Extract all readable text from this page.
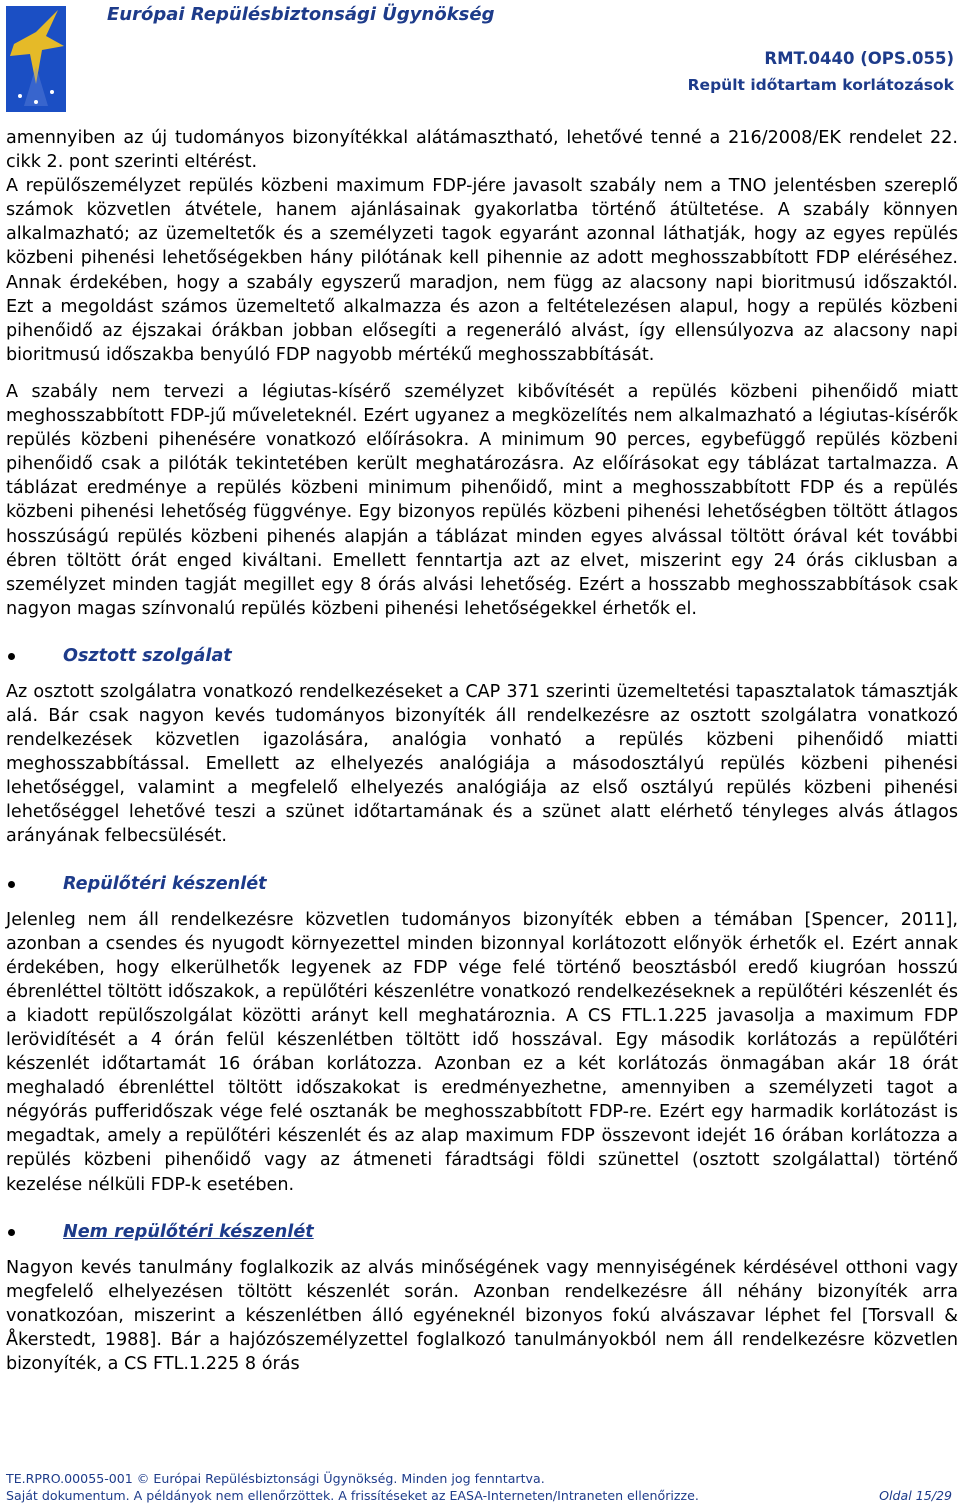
Európai Repülésbiztonsági Ügynökség
RMT.0440 (OPS.055)
Repült időtartam korlátozások

amennyiben az új tudományos bizonyítékkal alátámasztható, lehetővé tenné a 216/2008/EK rendelet 22. cikk 2. pont szerinti eltérést.

A repülőszemélyzet repülés közbeni maximum FDP-jére javasolt szabály nem a TNO jelentésben szereplő számok közvetlen átvétele, hanem ajánlásainak gyakorlatba történő átültetése. A szabály könnyen alkalmazható; az üzemeltetők és a személyzeti tagok egyaránt azonnal láthatják, hogy az egyes repülés közbeni pihenési lehetőségekben hány pilótának kell pihennie az adott meghosszabbított FDP eléréséhez. Annak érdekében, hogy a szabály egyszerű maradjon, nem függ az alacsony napi bioritmusú időszaktól. Ezt a megoldást számos üzemeltető alkalmazza és azon a feltételezésen alapul, hogy a repülés közbeni pihenőidő az éjszakai órákban jobban elősegíti a regeneráló alvást, így ellensúlyozva az alacsony napi bioritmusú időszakba benyúló FDP nagyobb mértékű meghosszabbítását.

A szabály nem tervezi a légiutas-kísérő személyzet kibővítését a repülés közbeni pihenőidő miatt meghosszabbított FDP-jű műveleteknél. Ezért ugyanez a megközelítés nem alkalmazható a légiutas-kísérők repülés közbeni pihenésére vonatkozó előírásokra. A minimum 90 perces, egybefüggő repülés közbeni pihenőidő csak a pilóták tekintetében került meghatározásra. Az előírásokat egy táblázat tartalmazza. A táblázat eredménye a repülés közbeni minimum pihenőidő, mint a meghosszabbított FDP és a repülés közbeni pihenési lehetőség függvénye. Egy bizonyos repülés közbeni pihenési lehetőségben töltött átlagos hosszúságú repülés közbeni pihenés alapján a táblázat minden egyes alvással töltött órával két további ébren töltött órát enged kiváltani. Emellett fenntartja azt az elvet, miszerint egy 24 órás ciklusban a személyzet minden tagját megillet egy 8 órás alvási lehetőség. Ezért a hosszabb meghosszabbítások csak nagyon magas színvonalú repülés közbeni pihenési lehetőségekkel érhetők el.

Osztott szolgálat

Az osztott szolgálatra vonatkozó rendelkezéseket a CAP 371 szerinti üzemeltetési tapasztalatok támasztják alá. Bár csak nagyon kevés tudományos bizonyíték áll rendelkezésre az osztott szolgálatra vonatkozó rendelkezések közvetlen igazolására, analógia vonható a repülés közbeni pihenőidő miatti meghosszabbítással. Emellett az elhelyezés analógiája a másodosztályú repülés közbeni pihenési lehetőséggel, valamint a megfelelő elhelyezés analógiája az első osztályú repülés közbeni pihenési lehetőséggel lehetővé teszi a szünet időtartamának és a szünet alatt elérhető tényleges alvás átlagos arányának felbecsülését.

Repülőtéri készenlét

Jelenleg nem áll rendelkezésre közvetlen tudományos bizonyíték ebben a témában [Spencer, 2011], azonban a csendes és nyugodt környezettel minden bizonnyal korlátozott előnyök érhetők el. Ezért annak érdekében, hogy elkerülhetők legyenek az FDP vége felé történő beosztásból eredő kiugróan hosszú ébrenléttel töltött időszakok, a repülőtéri készenlétre vonatkozó rendelkezéseknek a repülőtéri készenlét és a kiadott repülőszolgálat közötti arányt kell meghatározniа. A CS FTL.1.225 javasolja a maximum FDP lerövidítését a 4 órán felül készenlétben töltött idő hosszával. Egy második korlátozás a repülőtéri készenlét időtartamát 16 órában korlátozza. Azonban ez a két korlátozás önmagában akár 18 órát meghaladó ébrenléttel töltött időszakokat is eredményezhetne, amennyiben a személyzeti tagot a négyórás pufferidőszak vége felé osztanák be meghosszabbított FDP-re. Ezért egy harmadik korlátozást is megadtak, amely a repülőtéri készenlét és az alap maximum FDP összevont idejét 16 órában korlátozza a repülés közbeni pihenőidő vagy az átmeneti fáradtsági földi szünettel (osztott szolgálattal) történő kezelése nélküli FDP-k esetében.

Nem repülőtéri készenlét

Nagyon kevés tanulmány foglalkozik az alvás minőségének vagy mennyiségének kérdésével otthoni vagy megfelelő elhelyezésen töltött készenlét során. Azonban rendelkezésre áll néhány bizonyíték arra vonatkozóan, miszerint a készenlétben álló egyéneknél bizonyos fokú alvászavar léphet fel [Torsvall & Åkerstedt, 1988]. Bár a hajózószemélyzettel foglalkozó tanulmányokból nem áll rendelkezésre közvetlen bizonyíték, a CS FTL.1.225 8 órás

TE.RPRO.00055-001 © Európai Repülésbiztonsági Ügynökség. Minden jog fenntartva.
Saját dokumentum. A példányok nem ellenőrzöttek. A frissítéseket az EASA-Interneten/Intraneten ellenőrizze.	Oldal 15/29
